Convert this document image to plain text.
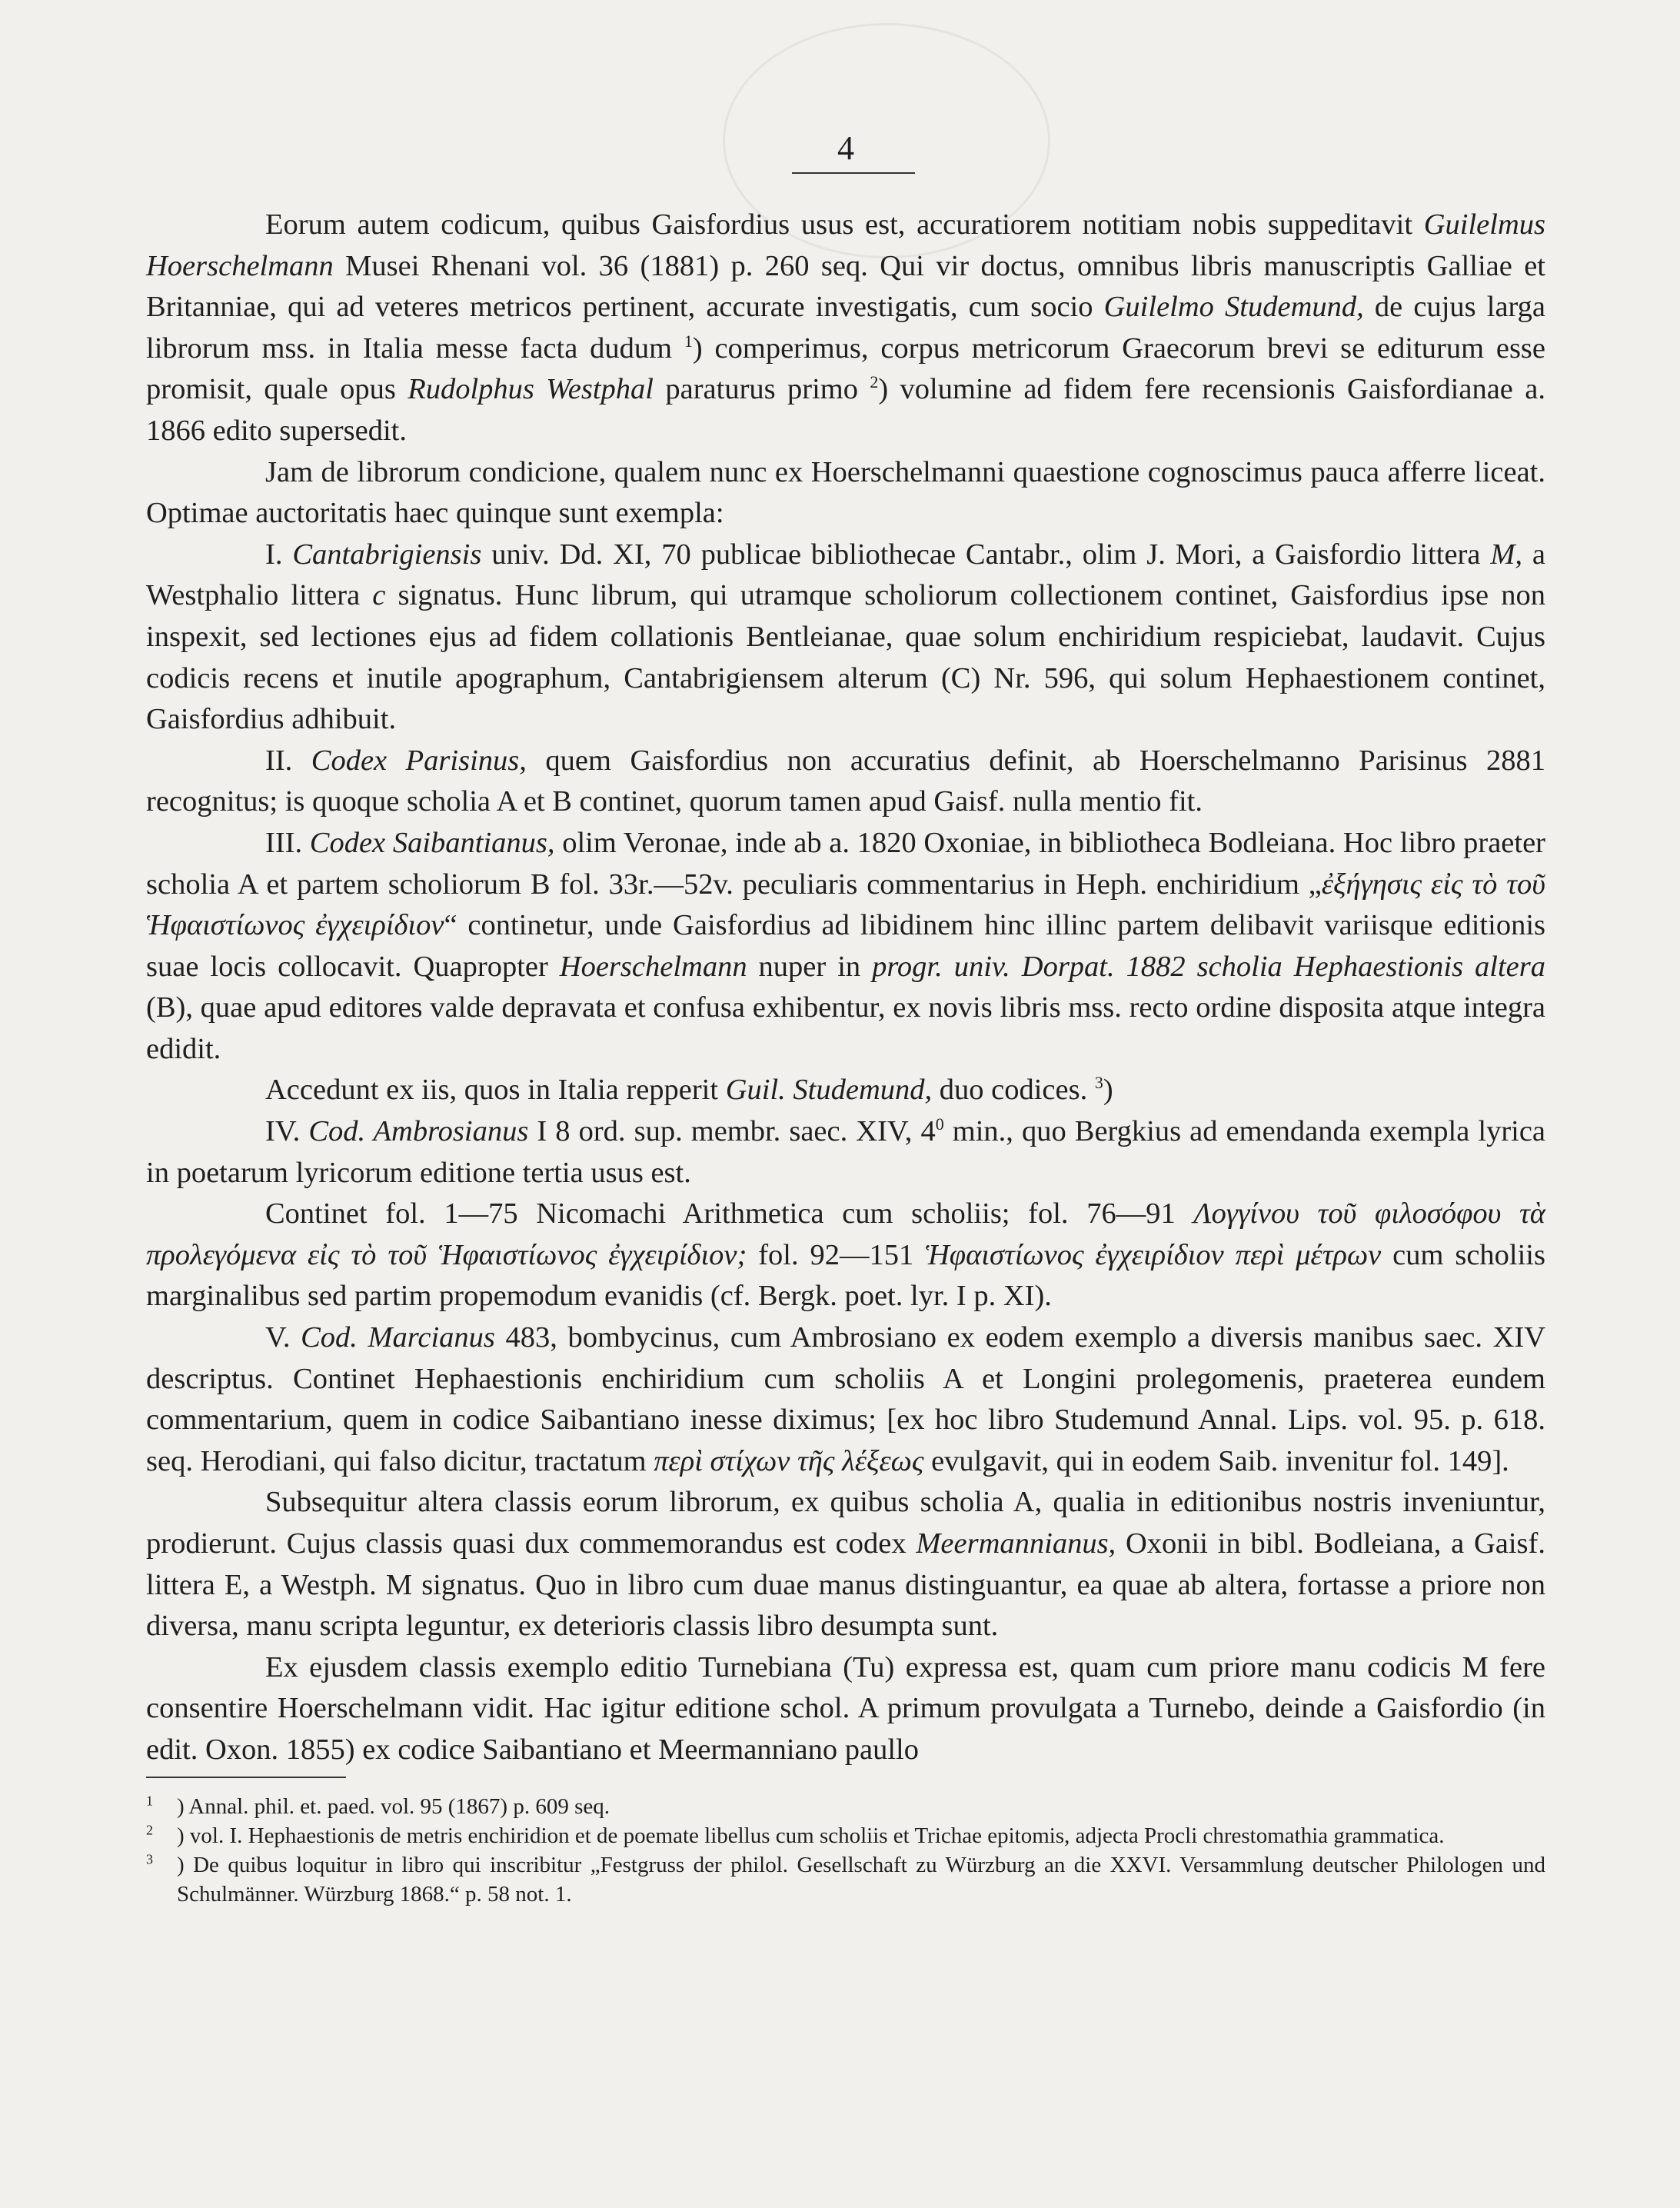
4

Eorum autem codicum, quibus Gaisfordius usus est, accuratiorem notitiam nobis suppeditavit Guilelmus Hoerschelmann Musei Rhenani vol. 36 (1881) p. 260 seq. Qui vir doctus, omnibus libris manuscriptis Galliae et Britanniae, qui ad veteres metricos pertinent, accurate investigatis, cum socio Guilelmo Studemund, de cujus larga librorum mss. in Italia messe facta dudum $^1$) comperimus, corpus metricorum Graecorum brevi se editurum esse promisit, quale opus Rudolphus Westphal paraturus primo $^2$) volumine ad fidem fere recensionis Gaisfordianae a. 1866 edito supersedit.

Jam de librorum condicione, qualem nunc ex Hoerschelmanni quaestione cognoscimus pauca afferre liceat. Optimae auctoritatis haec quinque sunt exempla:

I. Cantabrigiensis univ. Dd. XI, 70 publicae bibliothecae Cantabr., olim J. Mori, a Gaisfordio littera M, a Westphalio littera c signatus. Hunc librum, qui utramque scholiorum collectionem continet, Gaisfordius ipse non inspexit, sed lectiones ejus ad fidem collationis Bentleianae, quae solum enchiridium respiciebat, laudavit. Cujus codicis recens et inutile apographum, Cantabrigiensem alterum (C) Nr. 596, qui solum Hephaestionem continet, Gaisfordius adhibuit.

II. Codex Parisinus, quem Gaisfordius non accuratius definit, ab Hoerschelmanno Parisinus 2881 recognitus; is quoque scholia A et B continet, quorum tamen apud Gaisf. nulla mentio fit.

III. Codex Saibantianus, olim Veronae, inde ab a. 1820 Oxoniae, in bibliotheca Bodleiana. Hoc libro praeter scholia A et partem scholiorum B fol. 33r.—52v. peculiaris commentarius in Heph. enchiridium „ἐξήγησις εἰς τὸ τοῦ Ἡφαιστίωνος ἐγχειρίδιον“ continetur, unde Gaisfordius ad libidinem hinc illinc partem delibavit variisque editionis suae locis collocavit. Quapropter Hoerschelmann nuper in progr. univ. Dorpat. 1882 scholia Hephaestionis altera (B), quae apud editores valde depravata et confusa exhibentur, ex novis libris mss. recto ordine disposita atque integra edidit.

Accedunt ex iis, quos in Italia repperit Guil. Studemund, duo codices. $^3$)

IV. Cod. Ambrosianus I 8 ord. sup. membr. saec. XIV, $4^0$ min., quo Bergkius ad emendanda exempla lyrica in poetarum lyricorum editione tertia usus est.

Continet fol. 1—75 Nicomachi Arithmetica cum scholiis; fol. 76—91 Λογγίνου τοῦ φιλοσόφου τὰ προλεγόμενα εἰς τὸ τοῦ Ἡφαιστίωνος ἐγχειρίδιον; fol. 92—151 Ἡφαιστίωνος ἐγχειρίδιον περὶ μέτρων cum scholiis marginalibus sed partim propemodum evanidis (cf. Bergk. poet. lyr. I p. XI).

V. Cod. Marcianus 483, bombycinus, cum Ambrosiano ex eodem exemplo a diversis manibus saec. XIV descriptus. Continet Hephaestionis enchiridium cum scholiis A et Longini prolegomenis, praeterea eundem commentarium, quem in codice Saibantiano inesse diximus; [ex hoc libro Studemund Annal. Lips. vol. 95. p. 618. seq. Herodiani, qui falso dicitur, tractatum περὶ στίχων τῆς λέξεως evulgavit, qui in eodem Saib. invenitur fol. 149].

Subsequitur altera classis eorum librorum, ex quibus scholia A, qualia in editionibus nostris inveniuntur, prodierunt. Cujus classis quasi dux commemorandus est codex Meermannianus, Oxonii in bibl. Bodleiana, a Gaisf. littera E, a Westph. M signatus. Quo in libro cum duae manus distinguantur, ea quae ab altera, fortasse a priore non diversa, manu scripta leguntur, ex deterioris classis libro desumpta sunt.

Ex ejusdem classis exemplo editio Turnebiana (Tu) expressa est, quam cum priore manu codicis M fere consentire Hoerschelmann vidit. Hac igitur editione schol. A primum provulgata a Turnebo, deinde a Gaisfordio (in edit. Oxon. 1855) ex codice Saibantiano et Meermanniano paullo

$^1$ ) Annal. phil. et. paed. vol. 95 (1867) p. 609 seq.

$^2$ ) vol. I. Hephaestionis de metris enchiridion et de poemate libellus cum scholiis et Trichae epitomis, adjecta Procli chrestomathia grammatica.

$^3$ ) De quibus loquitur in libro qui inscribitur „Festgruss der philol. Gesellschaft zu Würzburg an die XXVI. Versammlung deutscher Philologen und Schulmänner. Würzburg 1868.“ p. 58 not. 1.
